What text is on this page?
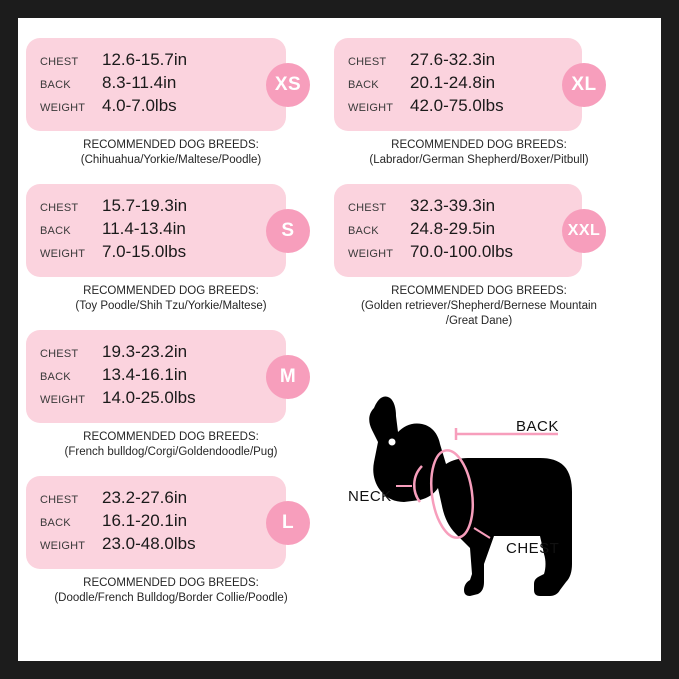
CHEST	12.6-15.7in
BACK	8.3-11.4in
WEIGHT 4.0-7.0lbs
XS
RECOMMENDED DOG BREEDS:
(Chihuahua/Yorkie/Maltese/Poodle)
CHEST	15.7-19.3in
BACK	11.4-13.4in
WEIGHT 7.0-15.0lbs
S
RECOMMENDED DOG BREEDS:
(Toy Poodle/Shih Tzu/Yorkie/Maltese)
CHEST	19.3-23.2in
BACK	13.4-16.1in
WEIGHT 14.0-25.0lbs
M
RECOMMENDED DOG BREEDS:
(French bulldog/Corgi/Goldendoodle/Pug)
CHEST	23.2-27.6in
BACK	16.1-20.1in
WEIGHT 23.0-48.0lbs
L
RECOMMENDED DOG BREEDS:
(Doodle/French Bulldog/Border Collie/Poodle)
CHEST	27.6-32.3in
BACK	20.1-24.8in
WEIGHT 42.0-75.0lbs
XL
RECOMMENDED DOG BREEDS:
(Labrador/German Shepherd/Boxer/Pitbull)
CHEST	32.3-39.3in
BACK	24.8-29.5in
WEIGHT 70.0-100.0lbs
XXL
RECOMMENDED DOG BREEDS:
(Golden retriever/Shepherd/Bernese Mountain
/Great Dane)
BACK
NECK
CHEST
